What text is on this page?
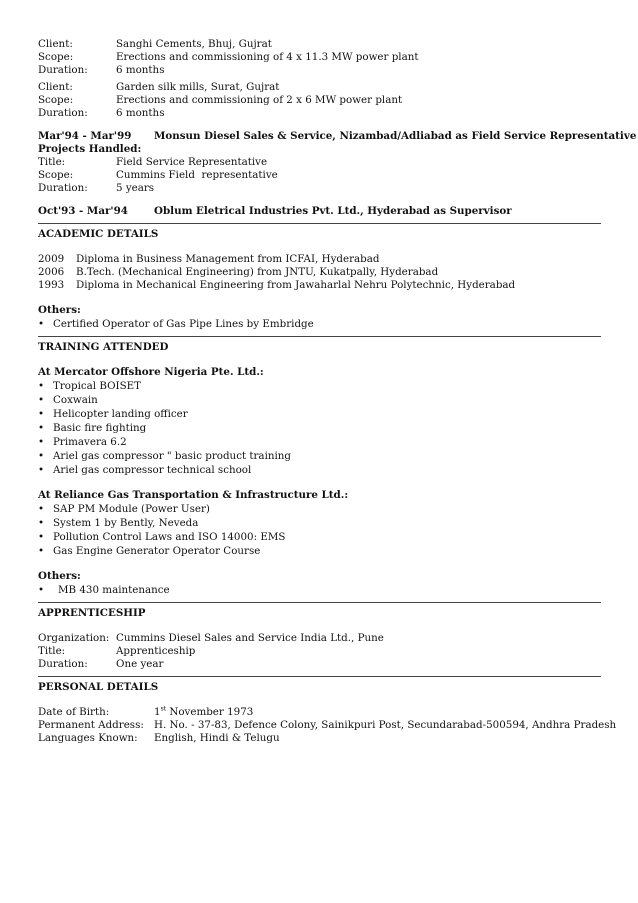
Client:	Sanghi Cements, Bhuj, Gujrat
Scope:	Erections and commissioning of 4 x 11.3 MW power plant
Duration:	6 months
Client:	Garden silk mills, Surat, Gujrat
Scope:	Erections and commissioning of 2 x 6 MW power plant
Duration:	6 months
Mar'94 - Mar'99	Monsun Diesel Sales & Service, Nizambad/Adliabad as Field Service Representative
Projects Handled:
Title:	Field Service Representative
Scope:	Cummins Field  representative
Duration:	5 years
Oct'93 - Mar'94	Oblum Eletrical Industries Pvt. Ltd., Hyderabad as Supervisor
ACADEMIC DETAILS
2009	Diploma in Business Management from ICFAI, Hyderabad
2006	B.Tech. (Mechanical Engineering) from JNTU, Kukatpally, Hyderabad
1993	Diploma in Mechanical Engineering from Jawaharlal Nehru Polytechnic, Hyderabad
Others:
• Certified Operator of Gas Pipe Lines by Embridge
TRAINING ATTENDED
At Mercator Offshore Nigeria Pte. Ltd.:
• Tropical BOISET
• Coxwain
• Helicopter landing officer
• Basic fire fighting
• Primavera 6.2
• Ariel gas compressor " basic product training
• Ariel gas compressor technical school
At Reliance Gas Transportation & Infrastructure Ltd.:
• SAP PM Module (Power User)
• System 1 by Bently, Neveda
• Pollution Control Laws and ISO 14000: EMS
• Gas Engine Generator Operator Course
Others:
•	MB 430 maintenance
APPRENTICESHIP
Organization: Cummins Diesel Sales and Service India Ltd., Pune
Title:	Apprenticeship
Duration:	One year
PERSONAL DETAILS
Date of Birth:	1st November 1973
Permanent Address: H. No. - 37-83, Defence Colony, Sainikpuri Post, Secundarabad-500594, Andhra Pradesh
Languages Known:	English, Hindi & Telugu
